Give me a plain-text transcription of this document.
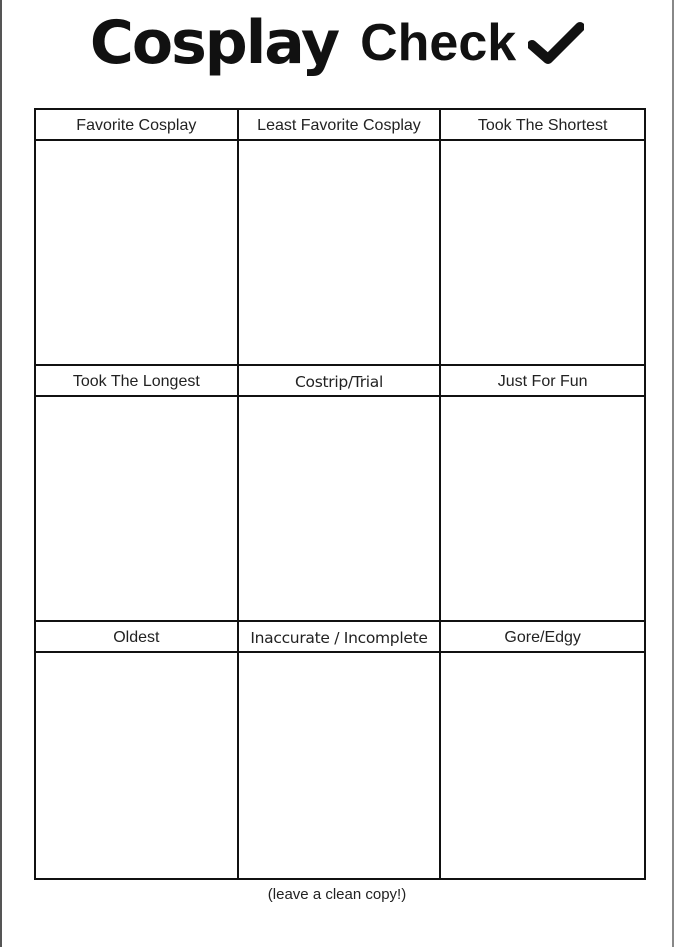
Cosplay Check
Favorite Cosplay	Least Favorite Cosplay	Took The Shortest
Took The Longest	Costrip/Trial	Just For Fun
Oldest	Inaccurate / Incomplete	Gore/Edgy
(leave a clean copy!)
